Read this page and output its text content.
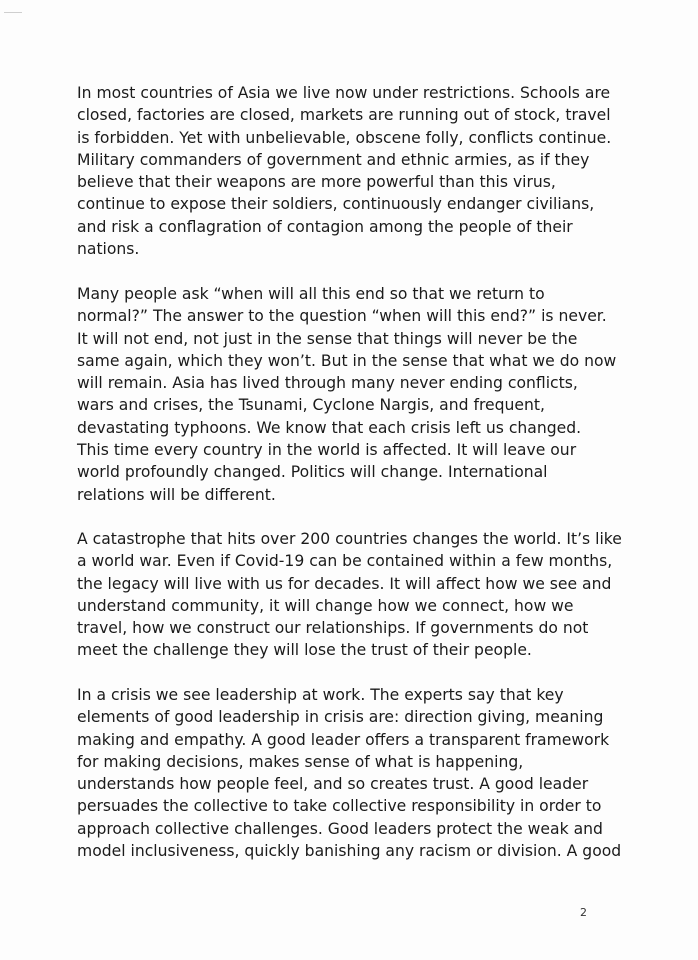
In most countries of Asia we live now under restrictions. Schools are
closed, factories are closed, markets are running out of stock, travel
is forbidden. Yet with unbelievable, obscene folly, conflicts continue.
Military commanders of government and ethnic armies, as if they
believe that their weapons are more powerful than this virus,
continue to expose their soldiers, continuously endanger civilians,
and risk a conflagration of contagion among the people of their
nations.

Many people ask “when will all this end so that we return to
normal?” The answer to the question “when will this end?” is never.
It will not end, not just in the sense that things will never be the
same again, which they won’t. But in the sense that what we do now
will remain. Asia has lived through many never ending conflicts,
wars and crises, the Tsunami, Cyclone Nargis, and frequent,
devastating typhoons. We know that each crisis left us changed.
This time every country in the world is affected. It will leave our
world profoundly changed. Politics will change. International
relations will be different.

A catastrophe that hits over 200 countries changes the world. It’s like
a world war. Even if Covid-19 can be contained within a few months,
the legacy will live with us for decades. It will affect how we see and
understand community, it will change how we connect, how we
travel, how we construct our relationships. If governments do not
meet the challenge they will lose the trust of their people.

In a crisis we see leadership at work. The experts say that key
elements of good leadership in crisis are: direction giving, meaning
making and empathy. A good leader offers a transparent framework
for making decisions, makes sense of what is happening,
understands how people feel, and so creates trust. A good leader
persuades the collective to take collective responsibility in order to
approach collective challenges. Good leaders protect the weak and
model inclusiveness, quickly banishing any racism or division. A good

2
